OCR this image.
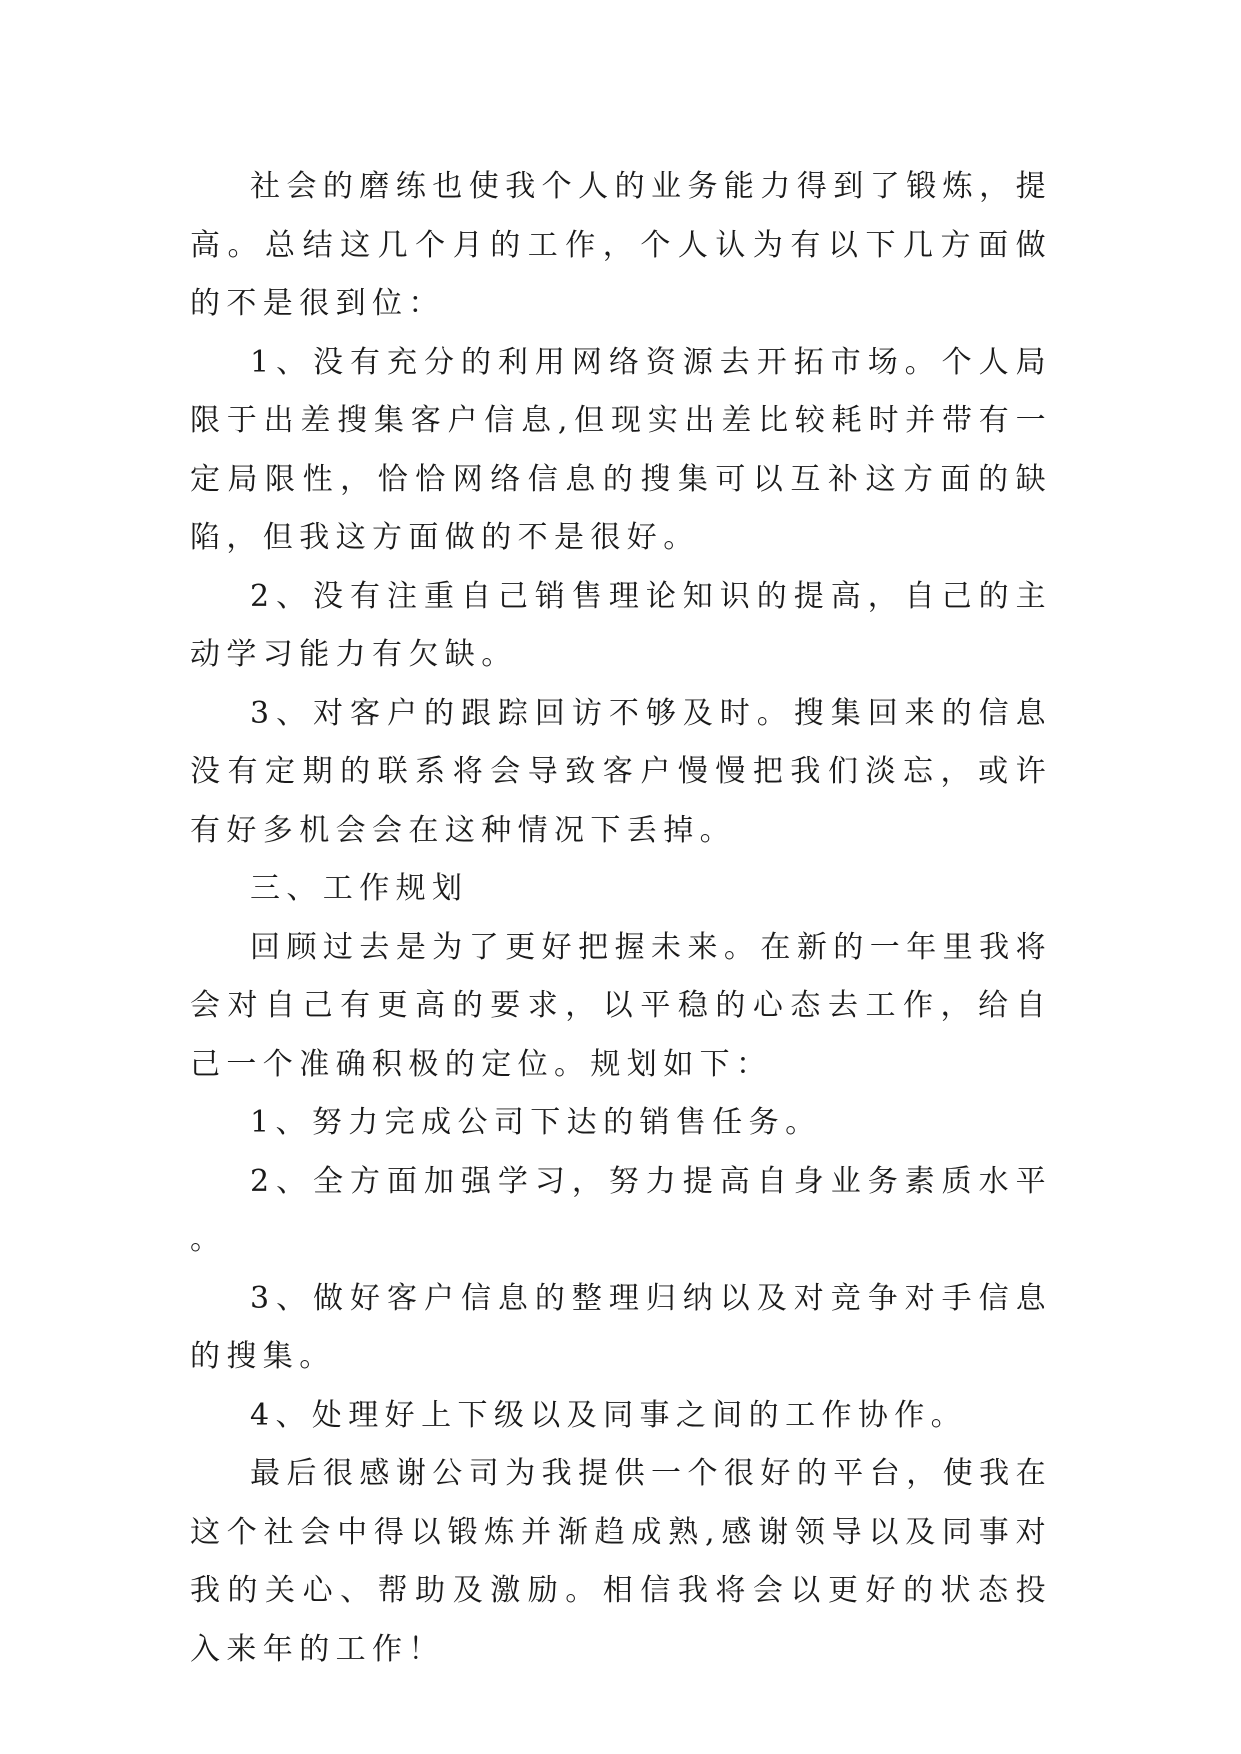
社会的磨练也使我个人的业务能力得到了锻炼，提高。总结这几个月的工作，个人认为有以下几方面做的不是很到位：

1、没有充分的利用网络资源去开拓市场。个人局限于出差搜集客户信息,但现实出差比较耗时并带有一定局限性，恰恰网络信息的搜集可以互补这方面的缺陷，但我这方面做的不是很好。

2、没有注重自己销售理论知识的提高，自己的主动学习能力有欠缺。

3、对客户的跟踪回访不够及时。搜集回来的信息没有定期的联系将会导致客户慢慢把我们淡忘，或许有好多机会会在这种情况下丢掉。

三、工作规划

回顾过去是为了更好把握未来。在新的一年里我将会对自己有更高的要求，以平稳的心态去工作，给自己一个准确积极的定位。规划如下：

1、努力完成公司下达的销售任务。

2、全方面加强学习，努力提高自身业务素质水平。

3、做好客户信息的整理归纳以及对竞争对手信息的搜集。

4、处理好上下级以及同事之间的工作协作。

最后很感谢公司为我提供一个很好的平台，使我在这个社会中得以锻炼并渐趋成熟,感谢领导以及同事对我的关心、帮助及激励。相信我将会以更好的状态投入来年的工作！
